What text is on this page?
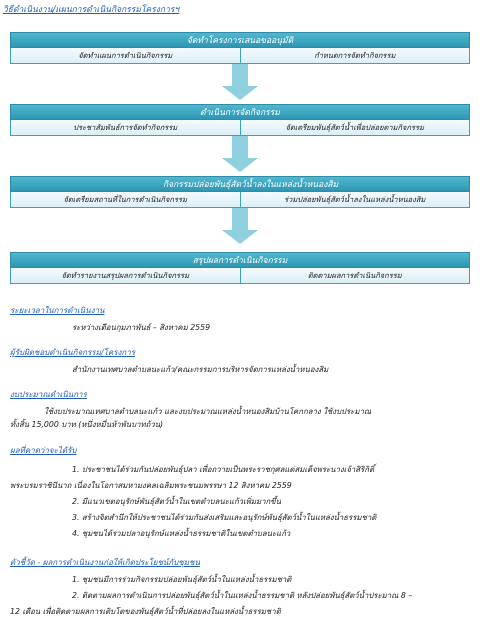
วิธีดำเนินงาน/แผนการดำเนินกิจกรรมโครงการฯ
จัดทำโครงการเสนอขออนุมัติ
จัดทำแผนการดำเนินกิจกรรม	กำหนดการจัดทำกิจกรรม
ดำเนินการจัดกิจกรรม
ประชาสัมพันธ์การจัดทำกิจกรรม	จัดเตรียมพันธุ์สัตว์น้ำเพื่อปล่อยตามกิจกรรม
กิจกรรมปล่อยพันธุ์สัตว์น้ำลงในแหล่งน้ำหนองสิม
จัดเตรียมสถานที่ในการดำเนินกิจกรรม	ร่วมปล่อยพันธุ์สัตว์น้ำลงในแหล่งน้ำหนองสิม
สรุปผลการดำเนินกิจกรรม
จัดทำรายงานสรุปผลการดำเนินกิจกรรม	ติดตามผลการดำเนินกิจกรรม
ระยะเวลาในการดำเนินงาน
ระหว่างเดือนกุมภาพันธ์ – สิงหาคม 2559
ผู้รับผิดชอบดำเนินกิจกรรม/โครงการ
สำนักงานเทศบาลตำบลนะแก้ว/คณะกรรมการบริหารจัดการแหล่งน้ำหนองสิม
งบประมาณดำเนินการ
ใช้งบประมาณเทศบาลตำบลนะแก้ว และงบประมาณแหล่งน้ำหนองสิมบ้านโคกกลาง ใช้งบประมาณ
ทั้งสิ้น 15,000 บาท (หนึ่งหมื่นห้าพันบาทถ้วน)
ผลที่คาดว่าจะได้รับ
1. ประชาชนได้ร่วมกันปล่อยพันธุ์ปลา เพื่อถวายเป็นพระราชกุศลแด่สมเด็จพระนางเจ้าสิริกิติ์
พระบรมราชินีนาถ เนื่องในโอกาสมหามงคลเฉลิมพระชนมพรรษา 12 สิงหาคม 2559
2. มีแนวเขตอนุรักษ์พันธุ์สัตว์น้ำในเขตตำบลนะแก้วเพิ่มมากขึ้น
3. สร้างจิตสำนึกให้ประชาชนได้ร่วมกันส่งเสริมและอนุรักษ์พันธุ์สัตว์น้ำในแหล่งน้ำธรรมชาติ
4. ชุมชนได้รวมปลาอนุรักษ์แหล่งน้ำธรรมชาติในเขตตำบลนะแก้ว
ตัวชี้วัด - ผลการดำเนินงานก่อให้เกิดประโยชน์กับชุมชน
1. ชุมชนมีการร่วมกิจกรรมปล่อยพันธุ์สัตว์น้ำในแหล่งน้ำธรรมชาติ
2. ติดตามผลการดำเนินการปล่อยพันธุ์สัตว์น้ำในแหล่งน้ำธรรมชาติ หลังปล่อยพันธุ์สัตว์น้ำประมาณ 8 –
12 เดือน เพื่อติดตามผลการเติบโตของพันธุ์สัตว์น้ำที่ปล่อยลงในแหล่งน้ำธรรมชาติ
